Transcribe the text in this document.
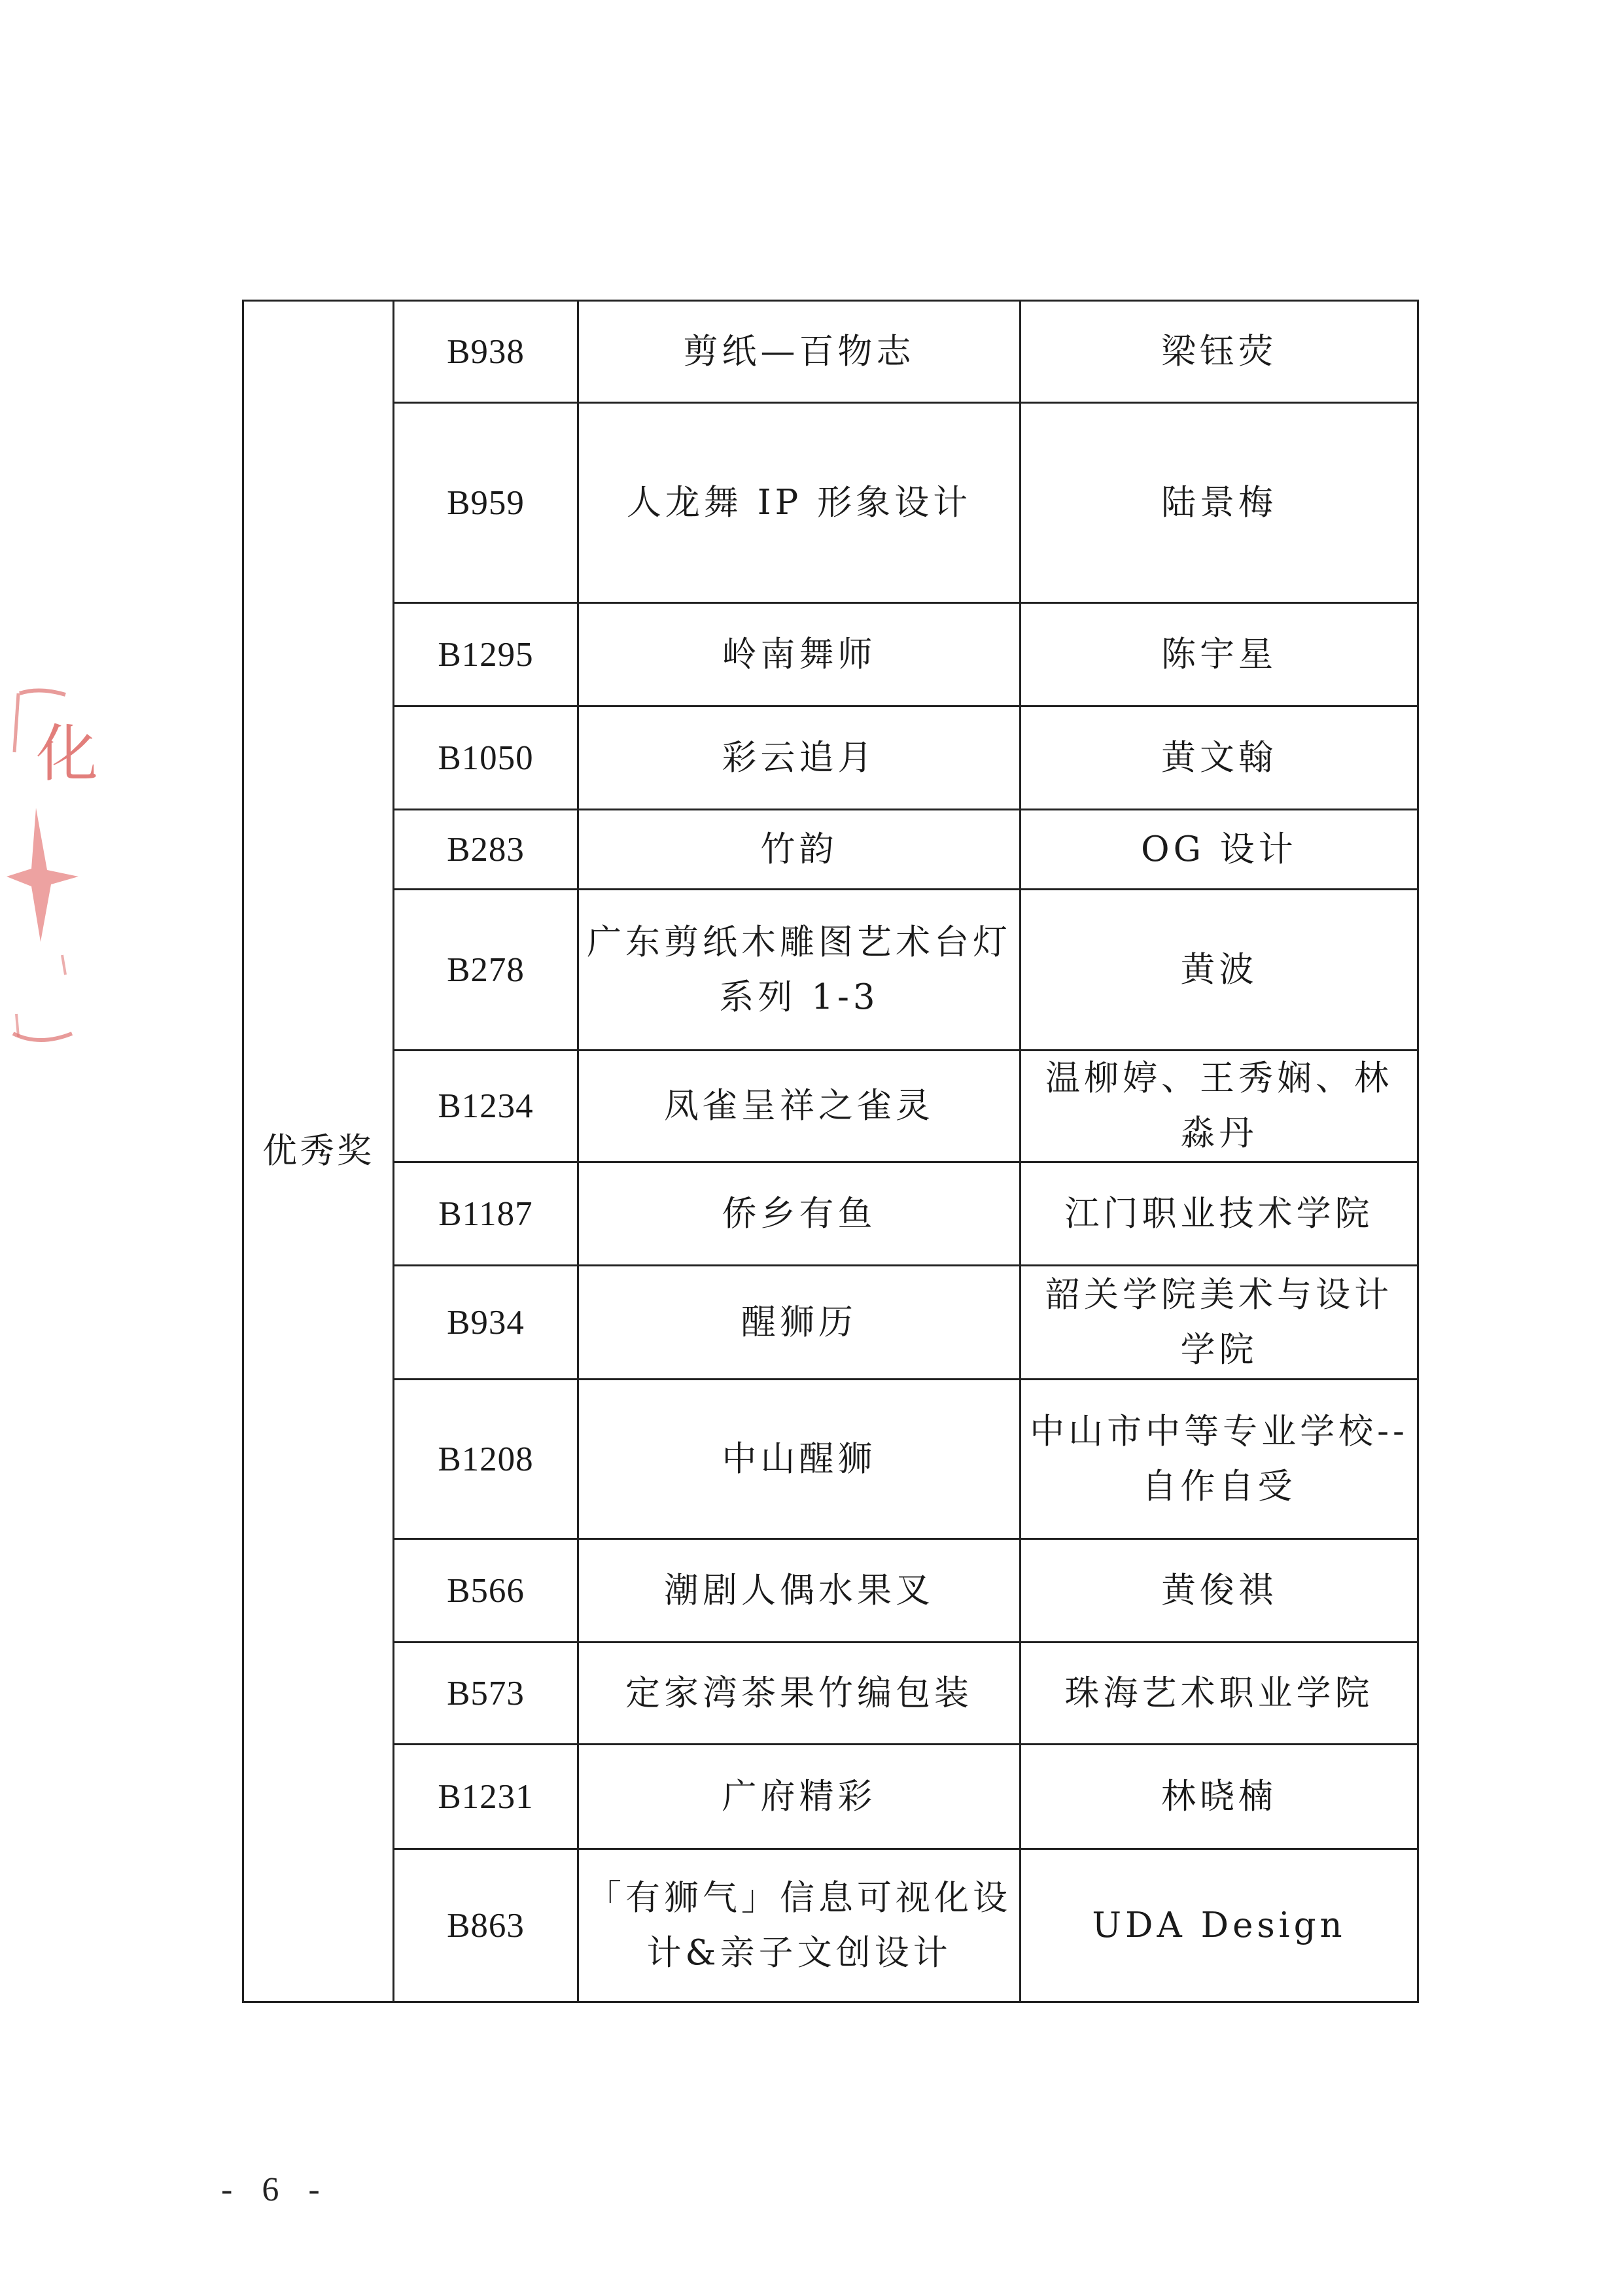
化
优秀奖	B938	剪纸—百物志	梁钰荧
	B959	人龙舞 IP 形象设计	陆景梅
	B1295	岭南舞师	陈宇星
	B1050	彩云追月	黄文翰
	B283	竹韵	OG 设计
	B278	广东剪纸木雕图艺术台灯系列 1-3	黄波
	B1234	凤雀呈祥之雀灵	温柳婷、王秀娴、林淼丹
	B1187	侨乡有鱼	江门职业技术学院
	B934	醒狮历	韶关学院美术与设计学院
	B1208	中山醒狮	中山市中等专业学校--自作自受
	B566	潮剧人偶水果叉	黄俊祺
	B573	定家湾茶果竹编包装	珠海艺术职业学院
	B1231	广府精彩	林晓楠
	B863	「有狮气」信息可视化设计&亲子文创设计	UDA Design
- 6 -
